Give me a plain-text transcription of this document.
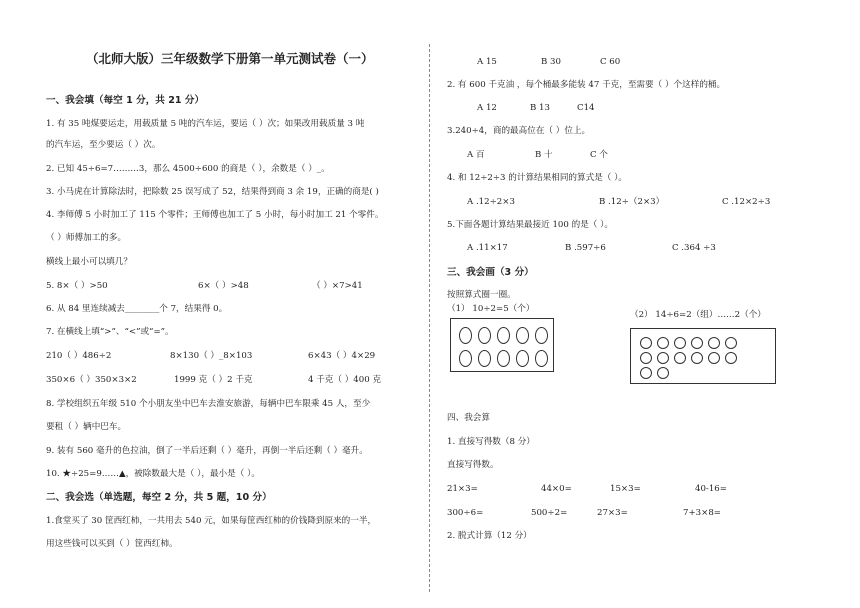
（北师大版）三年级数学下册第一单元测试卷（一）
一、我会填（每空 1 分，共 21 分）
1. 有 35 吨煤要运走，用载质量 5 吨的汽车运，要运（ ）次；如果改用载质量 3 吨
的汽车运，至少要运（ ）次。
2. 已知 45÷6=7………3，那么 4500÷600 的商是（ ），余数是（ ）_。
3. 小马虎在计算除法时，把除数 25 误写成了 52，结果得到商 3 余 19，正确的商是( )
4. 李师傅 5 小时加工了 115 个零件；王师傅也加工了 5 小时，每小时加工 21 个零件。
（ ）师傅加工的多。
横线上最小可以填几？
5. 8×（ ）>50	6×（ ）>48	（ ）×7>41
6. 从 84 里连续减去________个 7，结果得 0。
7. 在横线上填“>”、“<”或“=”。
210（ ）486÷2	8×130（ ）_8×103	6×43（ ）4×29
350×6（ ）350×3×2	1999 克（ ）2 千克	4 千克（ ）400 克
8. 学校组织五年级 510 个小朋友坐中巴车去淮安旅游，每辆中巴车限乘 45 人，至少
要租（ ）辆中巴车。
9. 装有 560 毫升的色拉油，倒了一半后还剩（ ）毫升，再倒一半后还剩（ ）毫升。
10. ★÷25=9……▲，被除数最大是（ ），最小是（ ）。
二、我会选（单选题，每空 2 分，共 5 题，10 分）
1.食堂买了 30 筐西红柿，一共用去 540 元，如果每筐西红柿的价钱降到原来的一半，
用这些钱可以买到（ ）筐西红柿。
A 15	B 30	C 60
2. 有 600 千克油 ，每个桶最多能装 47 千克，至需要（ ）个这样的桶。
A 12	B 13	C14
3.240÷4，商的最高位在（ ）位上。
A 百	B 十	C 个
4. 和 12÷2÷3 的计算结果相同的算式是（ ）。
A .12÷2×3	B .12÷（2×3）	C .12×2÷3
5.下面各题计算结果最接近 100 的是（ ）。
A .11×17	B .597÷6	C .364 ÷3
三、我会画（3 分）
按照算式圈一圈。
（1） 10÷2=5（个）
（2） 14÷6=2（组）……2（个）
四、我会算
1. 直接写得数（8 分）
直接写得数。
21×3=	44×0=	15×3=	40-16=
300÷6=	500÷2=	27×3=	7+3×8=
2. 脱式计算（12 分）
